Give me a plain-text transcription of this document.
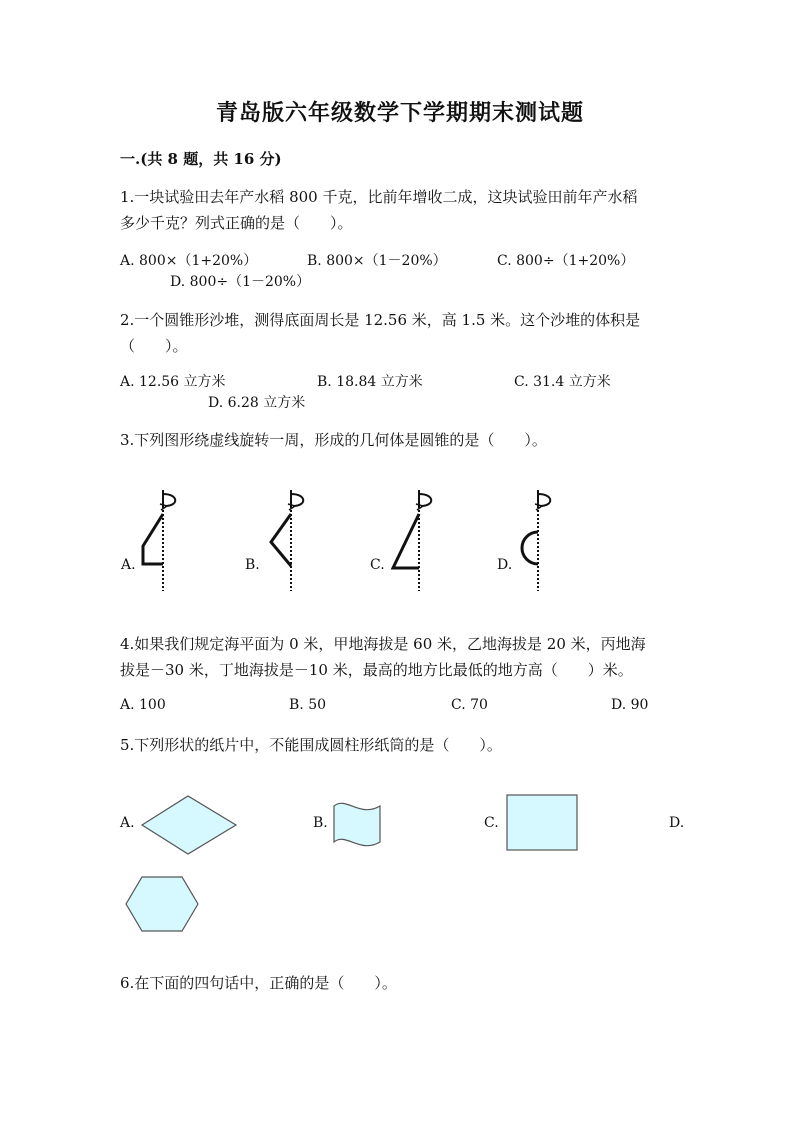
青岛版六年级数学下学期期末测试题
一.(共 8 题，共 16 分)
1.一块试验田去年产水稻 800 千克，比前年增收二成，这块试验田前年产水稻
多少千克？列式正确的是（　　）。
A. 800×（1+20%）	B. 800×（1－20%）	C. 800÷（1+20%）
D. 800÷（1－20%）
2.一个圆锥形沙堆，测得底面周长是 12.56 米，高 1.5 米。这个沙堆的体积是
（　　）。
A. 12.56 立方米	B. 18.84 立方米	C. 31.4 立方米
D. 6.28 立方米
3.下列图形绕虚线旋转一周，形成的几何体是圆锥的是（　　）。
A.	B.	C.	D.
4.如果我们规定海平面为 0 米，甲地海拔是 60 米，乙地海拔是 20 米，丙地海
拔是－30 米，丁地海拔是－10 米，最高的地方比最低的地方高（　　）米。
A. 100	B. 50	C. 70	D. 90
5.下列形状的纸片中，不能围成圆柱形纸筒的是（　　）。
A.	B.	C.	D.
6.在下面的四句话中，正确的是（　　）。
